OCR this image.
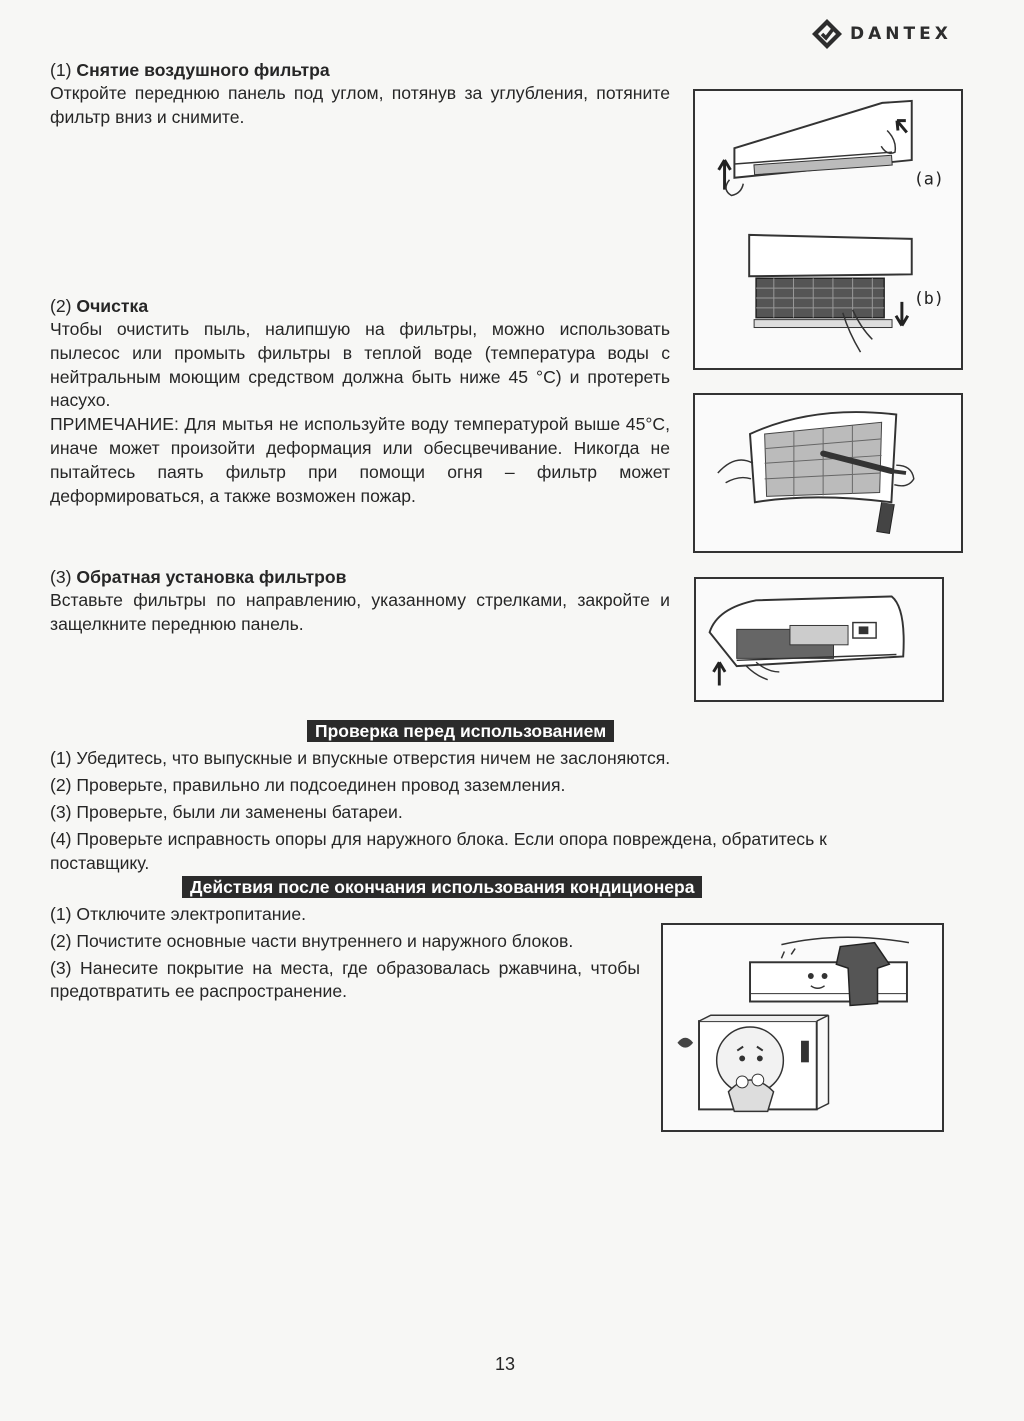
DANTEX
(1) Снятие воздушного фильтра

Откройте переднюю панель под углом, потянув за углубления, потяните фильтр вниз и снимите.

(2) Очистка

Чтобы очистить пыль, налипшую на фильтры, можно использовать пылесос или промыть фильтры в теплой воде (температура воды с нейтральным моющим средством должна быть ниже 45 °C) и протереть насухо.

ПРИМЕЧАНИЕ: Для мытья не используйте воду температурой выше 45°C, иначе может произойти деформация или обесцвечивание. Никогда не пытайтесь паять фильтр при помощи огня – фильтр может деформироваться, а также возможен пожар.

(3) Обратная установка фильтров

Вставьте фильтры по направлению, указанному стрелками, закройте и защелкните переднюю панель.

(a)
(b)
Проверка перед использованием

(1) Убедитесь, что выпускные и впускные отверстия ничем не заслоняются.

(2) Проверьте, правильно ли подсоединен провод заземления.

(3) Проверьте, были ли заменены батареи.

(4) Проверьте исправность опоры для наружного блока. Если опора повреждена, обратитесь к поставщику.

Действия после окончания использования кондиционера

(1) Отключите электропитание.

(2) Почистите основные части внутреннего и наружного блоков.

(3) Нанесите покрытие на места, где образовалась ржавчина, чтобы предотвратить ее распространение.

13
